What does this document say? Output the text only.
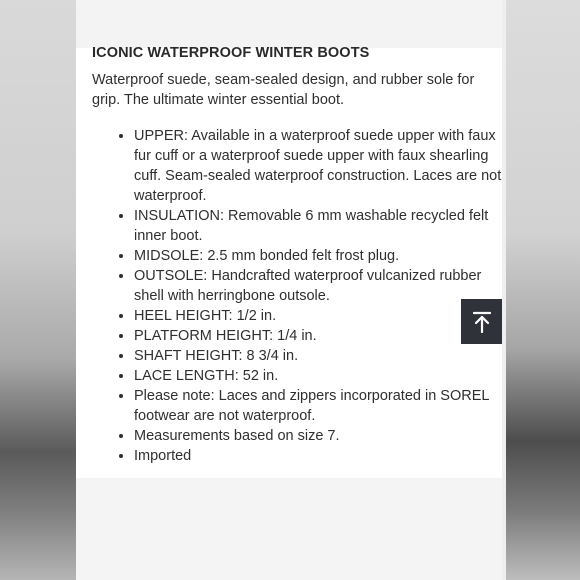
ICONIC WATERPROOF WINTER BOOTS
Waterproof suede, seam-sealed design, and rubber sole for grip. The ultimate winter essential boot.
• UPPER: Available in a waterproof suede upper with faux fur cuff or a waterproof suede upper with faux shearling cuff. Seam-sealed waterproof construction. Laces are not waterproof.
• INSULATION: Removable 6 mm washable recycled felt inner boot.
• MIDSOLE: 2.5 mm bonded felt frost plug.
• OUTSOLE: Handcrafted waterproof vulcanized rubber shell with herringbone outsole.
• HEEL HEIGHT: 1/2 in.
• PLATFORM HEIGHT: 1/4 in.
• SHAFT HEIGHT: 8 3/4 in.
• LACE LENGTH: 52 in.
• Please note: Laces and zippers incorporated in SOREL footwear are not waterproof.
• Measurements based on size 7.
• Imported
